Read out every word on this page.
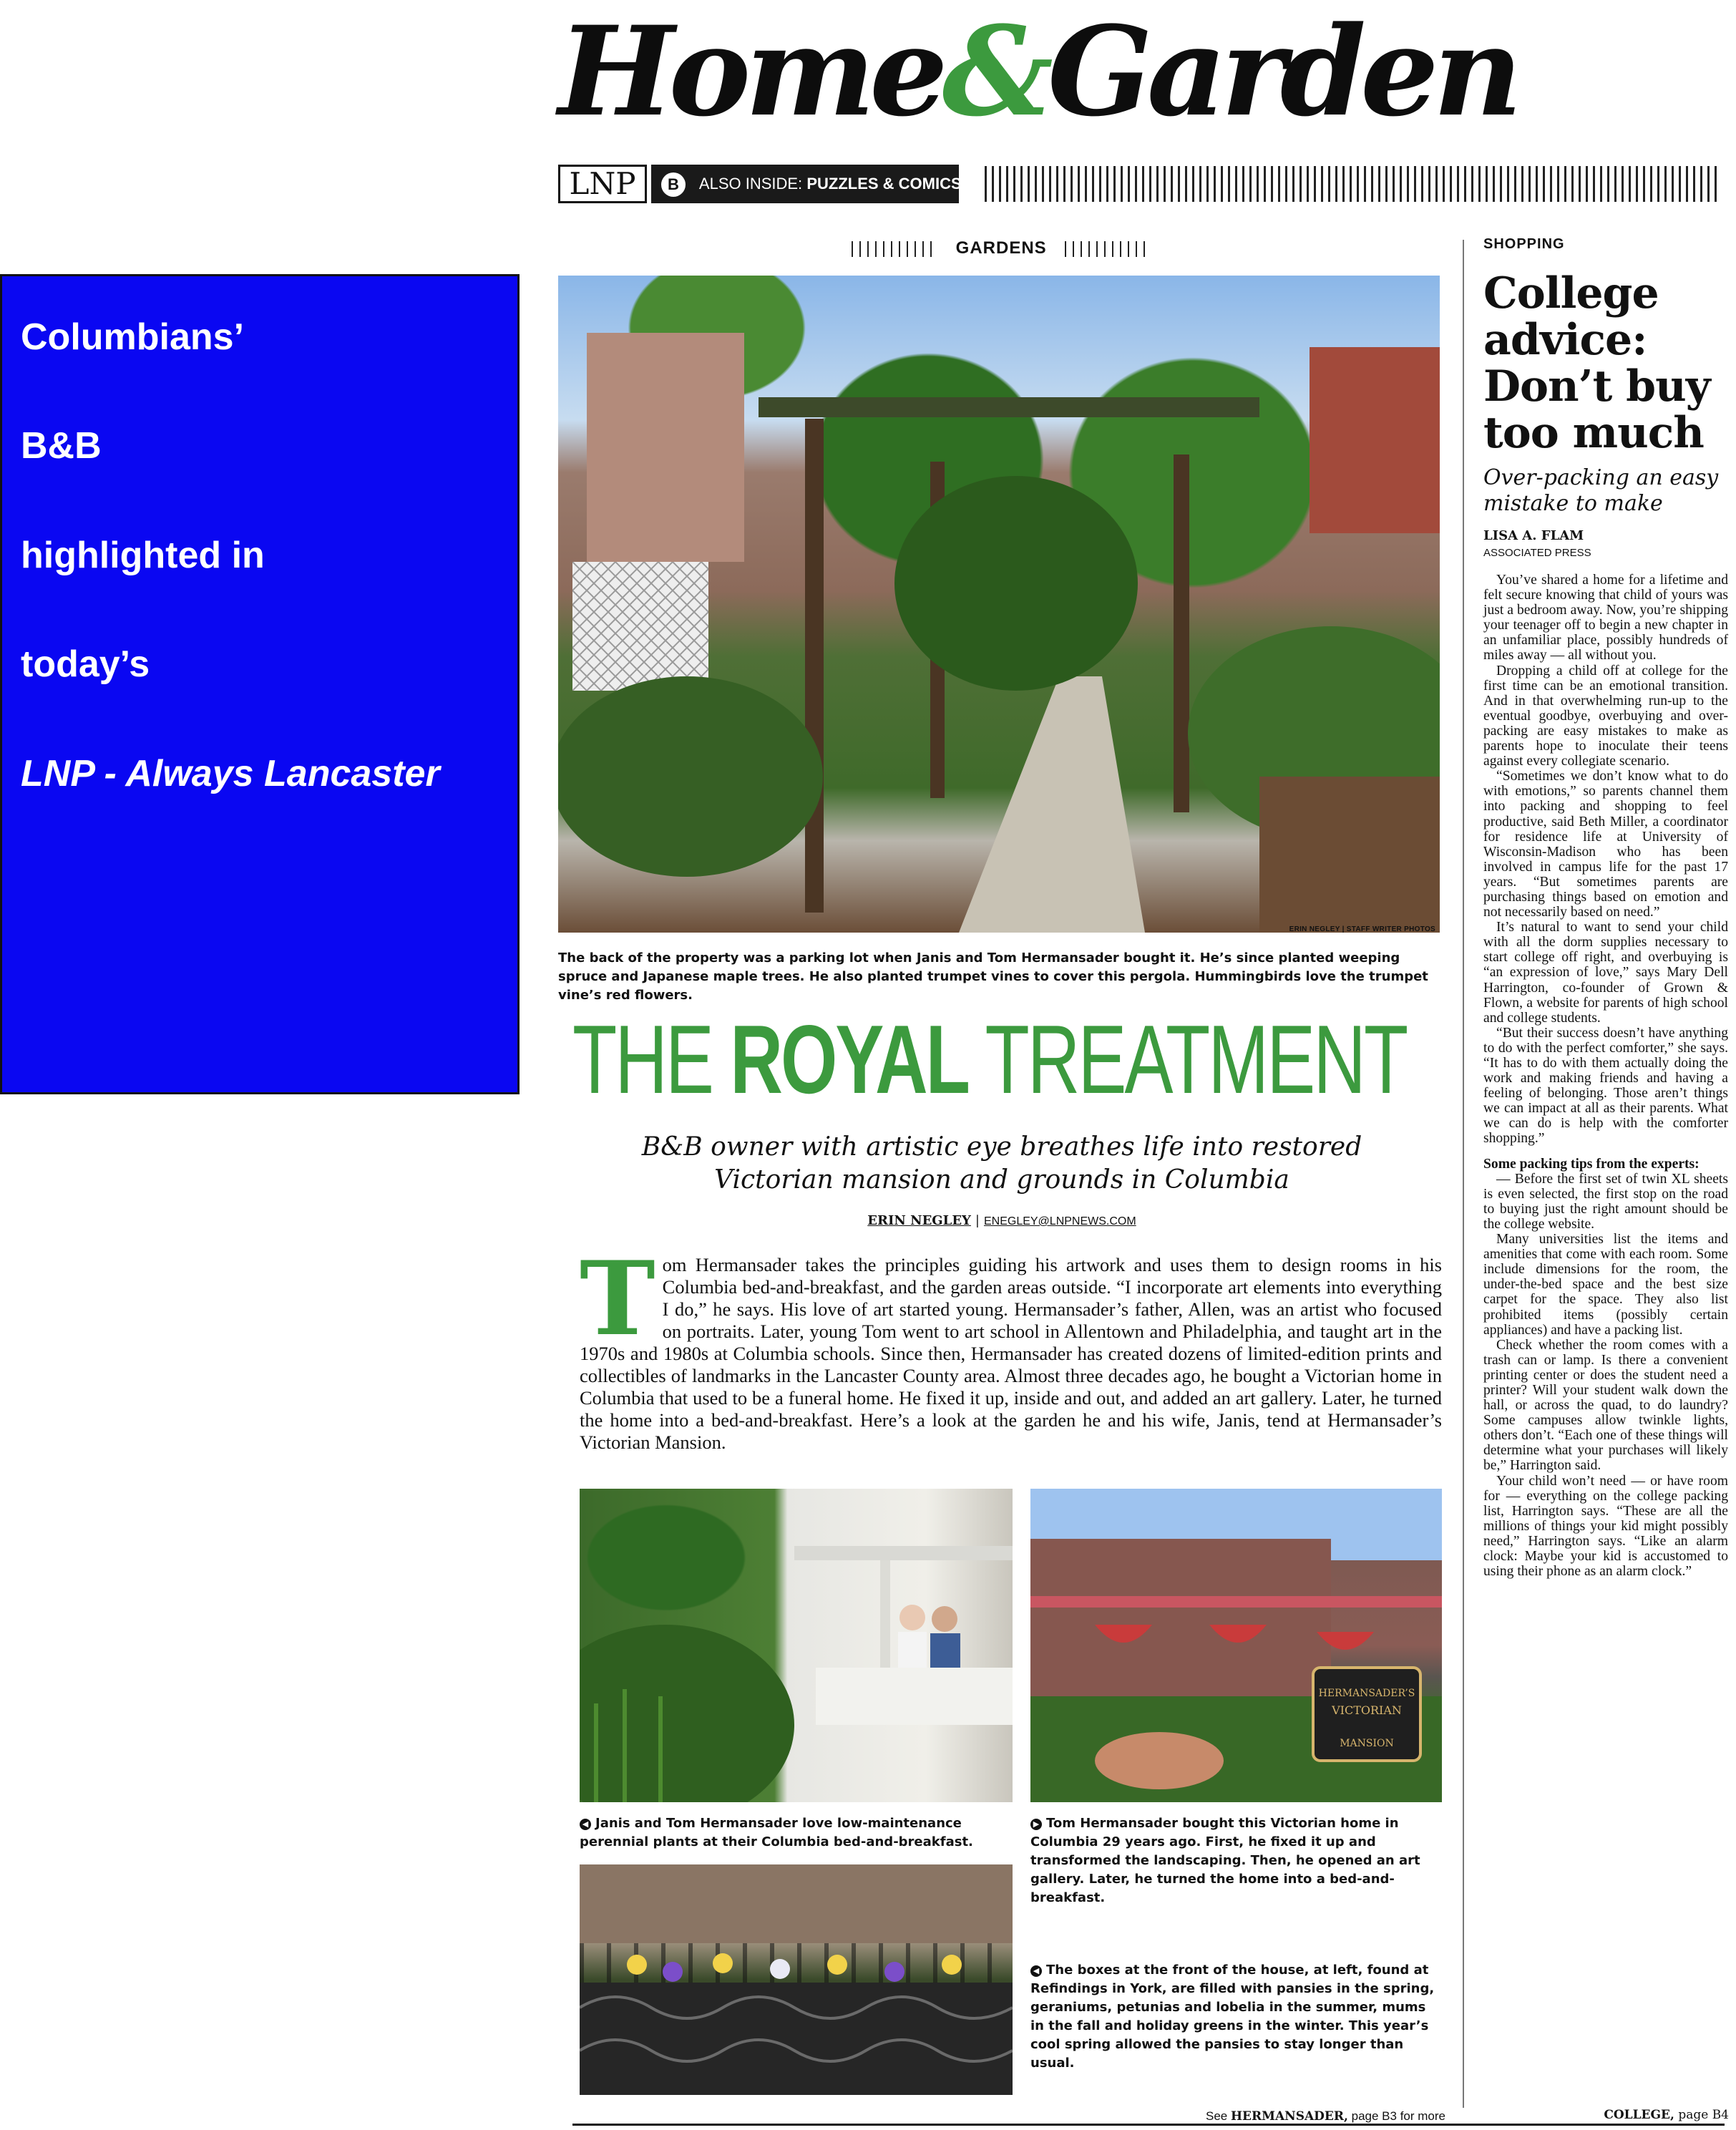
Columbians’

B&B

highlighted in

today’s

LNP - Always Lancaster

Home&Garden
LNP	B ALSO INSIDE: PUZZLES & COMICS
GARDENS
ERIN NEGLEY | STAFF WRITER PHOTOS
The back of the property was a parking lot when Janis and Tom Hermansader bought it. He’s since planted weeping spruce and Japanese maple trees. He also planted trumpet vines to cover this pergola. Hummingbirds love the trumpet vine’s red flowers.
THE ROYAL TREATMENT
B&B owner with artistic eye breathes life into restored
Victorian mansion and grounds in Columbia
ERIN NEGLEY | ENEGLEY@LNPNEWS.COM
Tom Hermansader takes the principles guiding his artwork and uses them to design rooms in his Columbia bed-and-breakfast, and the garden areas outside. “I incorporate art elements into everything I do,” he says. His love of art started young. Hermansader’s father, Allen, was an artist who focused on portraits. Later, young Tom went to art school in Allentown and Philadelphia, and taught art in the 1970s and 1980s at Columbia schools. Since then, Hermansader has created dozens of limited-edition prints and collectibles of landmarks in the Lancaster County area. Almost three decades ago, he bought a Victorian home in Columbia that used to be a funeral home. He fixed it up, inside and out, and added an art gallery. Later, he turned the home into a bed-and-breakfast. Here’s a look at the garden he and his wife, Janis, tend at Hermansader’s Victorian Mansion.
HERMANSADER’S
VICTORIAN
MANSION
◀ Janis and Tom Hermansader love low-maintenance perennial plants at their Columbia bed-and-breakfast.
▶ Tom Hermansader bought this Victorian home in Columbia 29 years ago. First, he fixed it up and transformed the landscaping. Then, he opened an art gallery. Later, he turned the home into a bed-and-breakfast.
◀ The boxes at the front of the house, at left, found at Refindings in York, are filled with pansies in the spring, geraniums, petunias and lobelia in the summer, mums in the fall and holiday greens in the winter. This year’s cool spring allowed the pansies to stay longer than usual.
See HERMANSADER, page B3 for more
SHOPPING
College advice: Don’t buy too much
Over-packing an easy mistake to make
LISA A. FLAM
ASSOCIATED PRESS

You’ve shared a home for a lifetime and felt secure knowing that child of yours was just a bedroom away. Now, you’re shipping your teenager off to begin a new chapter in an unfamiliar place, possibly hundreds of miles away — all without you.

Dropping a child off at college for the first time can be an emotional transition. And in that overwhelming run-up to the eventual goodbye, overbuying and over-packing are easy mistakes to make as parents hope to inoculate their teens against every collegiate scenario.

“Sometimes we don’t know what to do with emotions,” so parents channel them into packing and shopping to feel productive, said Beth Miller, a coordinator for residence life at University of Wisconsin-Madison who has been involved in campus life for the past 17 years. “But sometimes parents are purchasing things based on emotion and not necessarily based on need.”

It’s natural to want to send your child with all the dorm supplies necessary to start college off right, and overbuying is “an expression of love,” says Mary Dell Harrington, co-founder of Grown & Flown, a website for parents of high school and college students.

“But their success doesn’t have anything to do with the perfect comforter,” she says. “It has to do with them actually doing the work and making friends and having a feeling of belonging. Those aren’t things we can impact at all as their parents. What we can do is help with the comforter shopping.”

Some packing tips from the experts:

— Before the first set of twin XL sheets is even selected, the first stop on the road to buying just the right amount should be the college website.

Many universities list the items and amenities that come with each room. Some include dimensions for the room, the under-the-bed space and the best size carpet for the space. They also list prohibited items (possibly certain appliances) and have a packing list.

Check whether the room comes with a trash can or lamp. Is there a convenient printing center or does the student need a printer? Will your student walk down the hall, or across the quad, to do laundry? Some campuses allow twinkle lights, others don’t. “Each one of these things will determine what your purchases will likely be,” Harrington said.

Your child won’t need — or have room for — everything on the college packing list, Harrington says. “These are all the millions of things your kid might possibly need,” Harrington says. “Like an alarm clock: Maybe your kid is accustomed to using their phone as an alarm clock.”

COLLEGE, page B4
